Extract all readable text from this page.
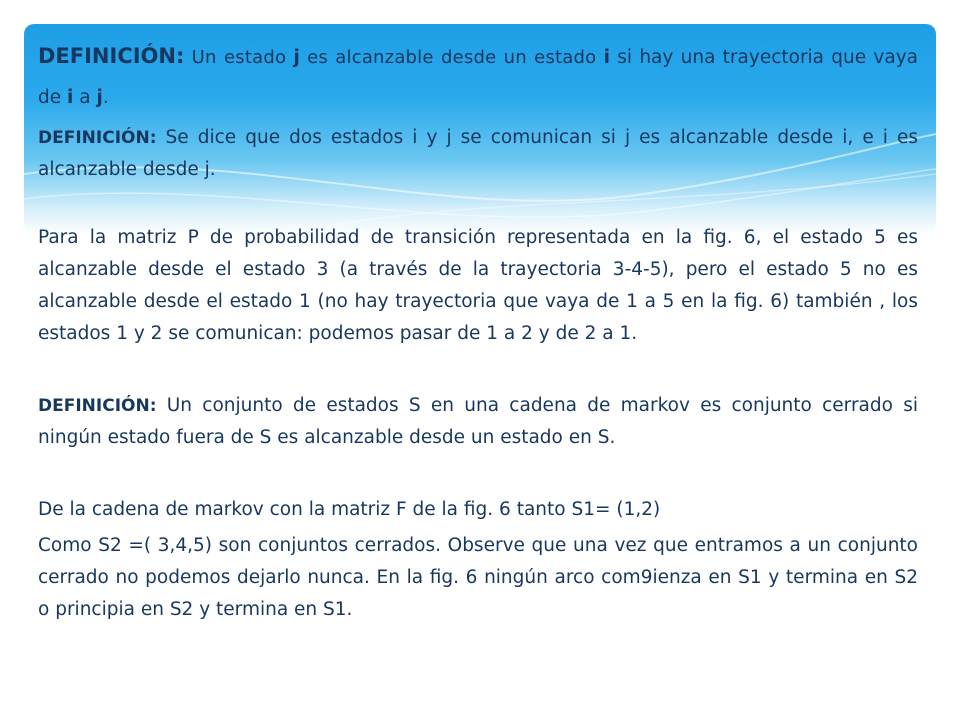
DEFINICIÓN: Un estado j es alcanzable desde un estado i si hay una trayectoria que vaya de i a j.

DEFINICIÓN: Se dice que dos estados i y j se comunican si j es alcanzable desde i, e i es alcanzable desde j.

Para la matriz P de probabilidad de transición representada en la fig. 6, el estado 5 es alcanzable desde el estado 3 (a través de la trayectoria 3-4-5), pero el estado 5 no es alcanzable desde el estado 1 (no hay trayectoria que vaya de 1 a 5 en la fig. 6) también , los estados 1 y 2 se comunican: podemos pasar de 1 a 2 y de 2 a 1.

DEFINICIÓN: Un conjunto de estados S en una cadena de markov es conjunto cerrado si ningún estado fuera de S es alcanzable desde un estado en S.

De la cadena de markov con la matriz F de la fig. 6 tanto S1= (1,2)

Como S2 =( 3,4,5) son conjuntos cerrados. Observe que una vez que entramos a un conjunto cerrado no podemos dejarlo nunca. En la fig. 6 ningún arco com9ienza en S1 y termina en S2 o principia en S2 y termina en S1.
